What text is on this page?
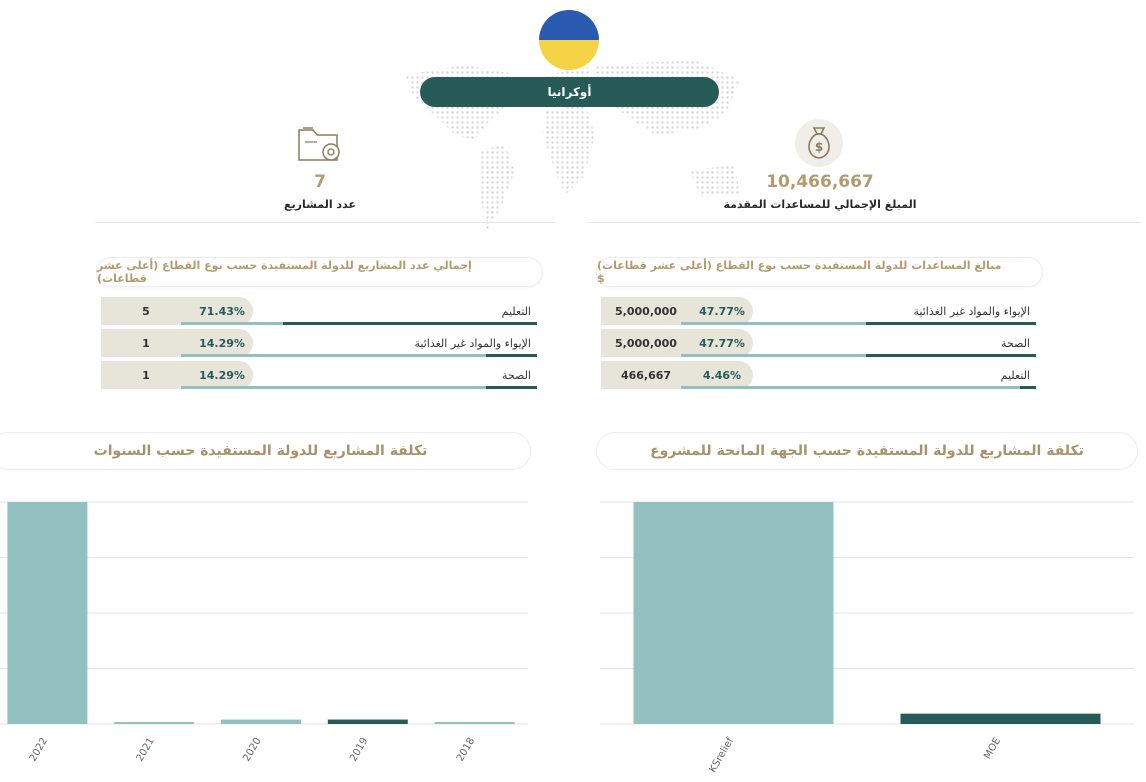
أوكرانيا
$
10,466,667
المبلغ الإجمالي للمساعدات المقدمة
7
عدد المشاريع
مبالغ المساعدات للدولة المستفيدة حسب نوع القطاع (أعلى عشر قطاعات) $
5,000,000	47.77%	الإيواء والمواد غير الغذائية
5,000,000	47.77%	الصحة
466,667	4.46%	التعليم
إجمالي عدد المشاريع للدولة المستفيدة حسب نوع القطاع (أعلى عشر قطاعات)
5	71.43%	التعليم
1	14.29%	الإيواء والمواد غير الغذائية
1	14.29%	الصحة
تكلفة المشاريع للدولة المستفيدة حسب الجهة المانحة للمشروع
تكلفة المشاريع للدولة المستفيدة حسب السنوات
KSrelief	MOE
2022	2021	2020	2019	2018
